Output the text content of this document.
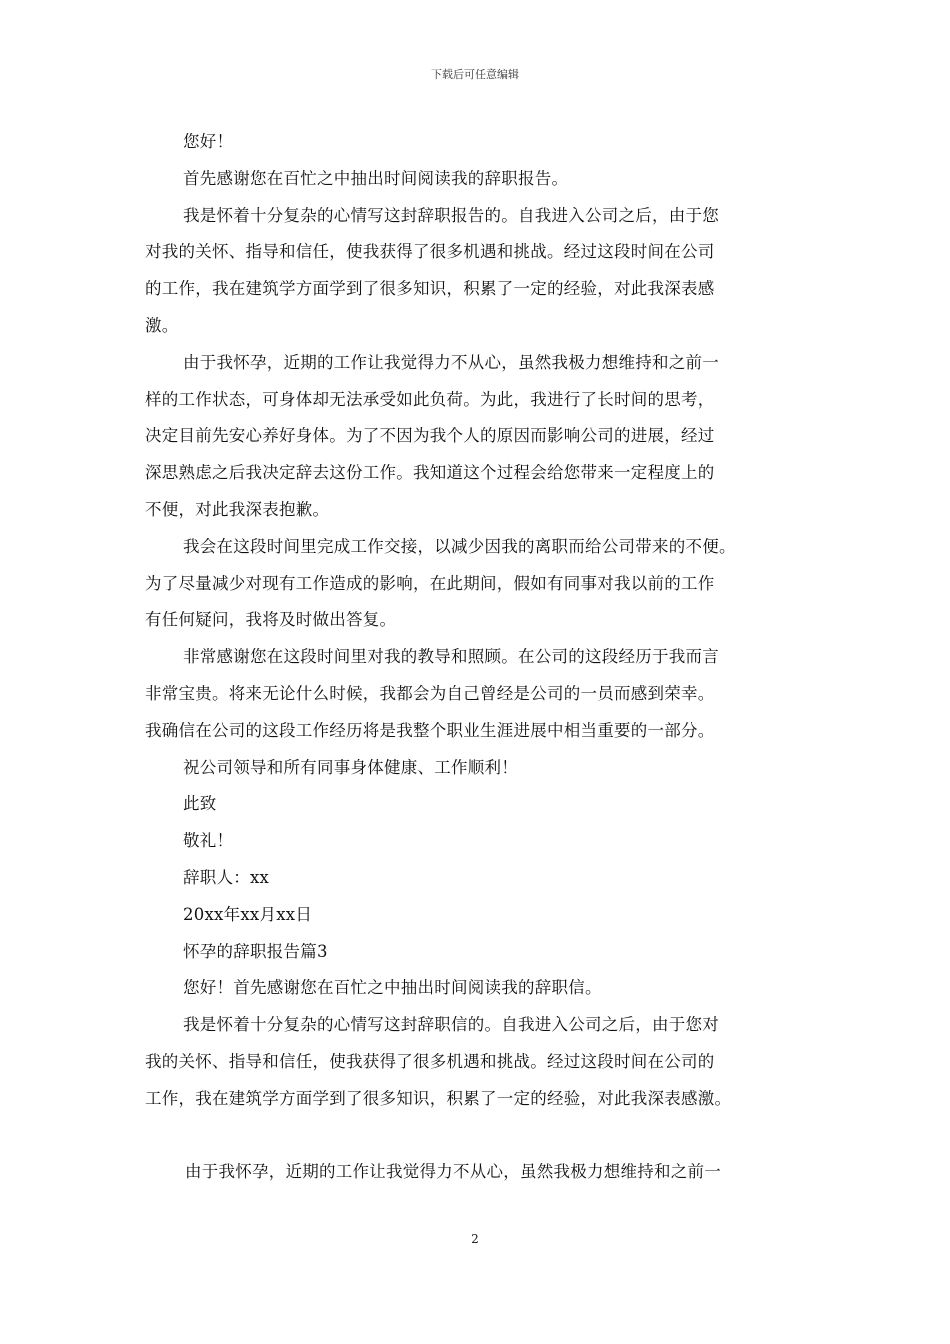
下载后可任意编辑
您好！
首先感谢您在百忙之中抽出时间阅读我的辞职报告。
我是怀着十分复杂的心情写这封辞职报告的。自我进入公司之后，由于您
对我的关怀、指导和信任，使我获得了很多机遇和挑战。经过这段时间在公司
的工作，我在建筑学方面学到了很多知识，积累了一定的经验，对此我深表感
激。
由于我怀孕，近期的工作让我觉得力不从心，虽然我极力想维持和之前一
样的工作状态，可身体却无法承受如此负荷。为此，我进行了长时间的思考，
决定目前先安心养好身体。为了不因为我个人的原因而影响公司的进展，经过
深思熟虑之后我决定辞去这份工作。我知道这个过程会给您带来一定程度上的
不便，对此我深表抱歉。
我会在这段时间里完成工作交接，以减少因我的离职而给公司带来的不便。
为了尽量减少对现有工作造成的影响，在此期间，假如有同事对我以前的工作
有任何疑问，我将及时做出答复。
非常感谢您在这段时间里对我的教导和照顾。在公司的这段经历于我而言
非常宝贵。将来无论什么时候，我都会为自己曾经是公司的一员而感到荣幸。
我确信在公司的这段工作经历将是我整个职业生涯进展中相当重要的一部分。
祝公司领导和所有同事身体健康、工作顺利！
此致
敬礼！
辞职人：xx
20xx年xx月xx日
怀孕的辞职报告篇3
您好！首先感谢您在百忙之中抽出时间阅读我的辞职信。
我是怀着十分复杂的心情写这封辞职信的。自我进入公司之后，由于您对
我的关怀、指导和信任，使我获得了很多机遇和挑战。经过这段时间在公司的
工作，我在建筑学方面学到了很多知识，积累了一定的经验，对此我深表感激。
由于我怀孕，近期的工作让我觉得力不从心，虽然我极力想维持和之前一
2
